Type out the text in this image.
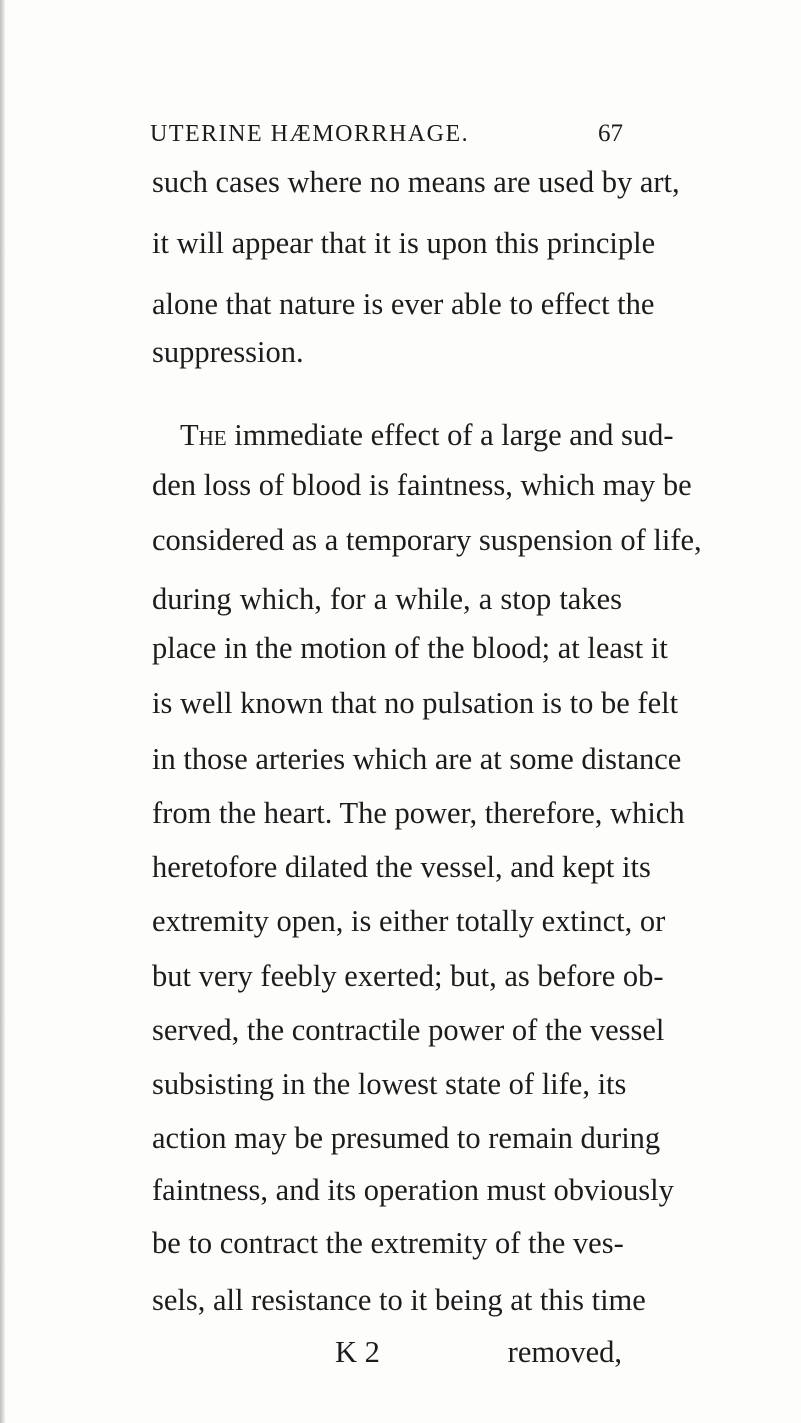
UTERINE HÆMORRHAGE.	67
such cases where no means are used by art,
it will appear that it is upon this principle
alone that nature is ever able to effect the
suppression.
The immediate effect of a large and sud-
den loss of blood is faintness, which may be
considered as a temporary suspension of life,
during which, for a while, a stop takes
place in the motion of the blood; at least it
is well known that no pulsation is to be felt
in those arteries which are at some distance
from the heart. The power, therefore, which
heretofore dilated the vessel, and kept its
extremity open, is either totally extinct, or
but very feebly exerted; but, as before ob-
served, the contractile power of the vessel
subsisting in the lowest state of life, its
action may be presumed to remain during
faintness, and its operation must obviously
be to contract the extremity of the ves-
sels, all resistance to it being at this time
K 2	removed,
